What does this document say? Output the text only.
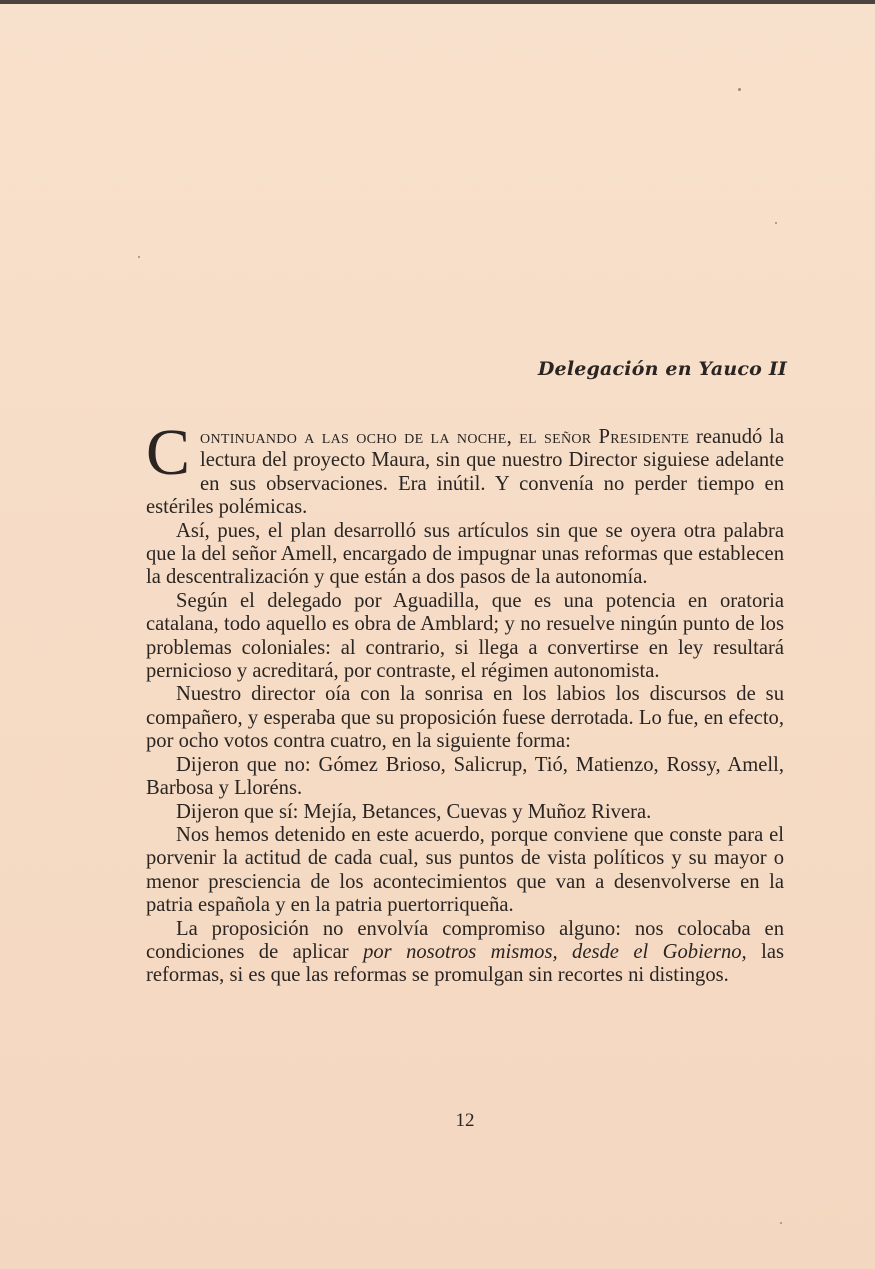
Delegación en Yauco II

Continuando a las ocho de la noche, el señor Presidente reanudó la lectura del proyecto Maura, sin que nuestro Director siguiese adelante en sus observaciones. Era inútil. Y convenía no perder tiempo en estériles polémicas.

Así, pues, el plan desarrolló sus artículos sin que se oyera otra palabra que la del señor Amell, encargado de impugnar unas reformas que establecen la descentralización y que están a dos pasos de la autonomía.

Según el delegado por Aguadilla, que es una potencia en oratoria catalana, todo aquello es obra de Amblard; y no resuelve ningún punto de los problemas coloniales: al contrario, si llega a convertirse en ley resultará pernicioso y acreditará, por contraste, el régimen autonomista.

Nuestro director oía con la sonrisa en los labios los discursos de su compañero, y esperaba que su proposición fuese derrotada. Lo fue, en efecto, por ocho votos contra cuatro, en la siguiente forma:

Dijeron que no: Gómez Brioso, Salicrup, Tió, Matienzo, Rossy, Amell, Barbosa y Lloréns.

Dijeron que sí: Mejía, Betances, Cuevas y Muñoz Rivera.

Nos hemos detenido en este acuerdo, porque conviene que conste para el porvenir la actitud de cada cual, sus puntos de vista políticos y su mayor o menor presciencia de los acontecimientos que van a desenvolverse en la patria española y en la patria puertorriqueña.

La proposición no envolvía compromiso alguno: nos colocaba en condiciones de aplicar por nosotros mismos, desde el Gobierno, las reformas, si es que las reformas se promulgan sin recortes ni distingos.

12
